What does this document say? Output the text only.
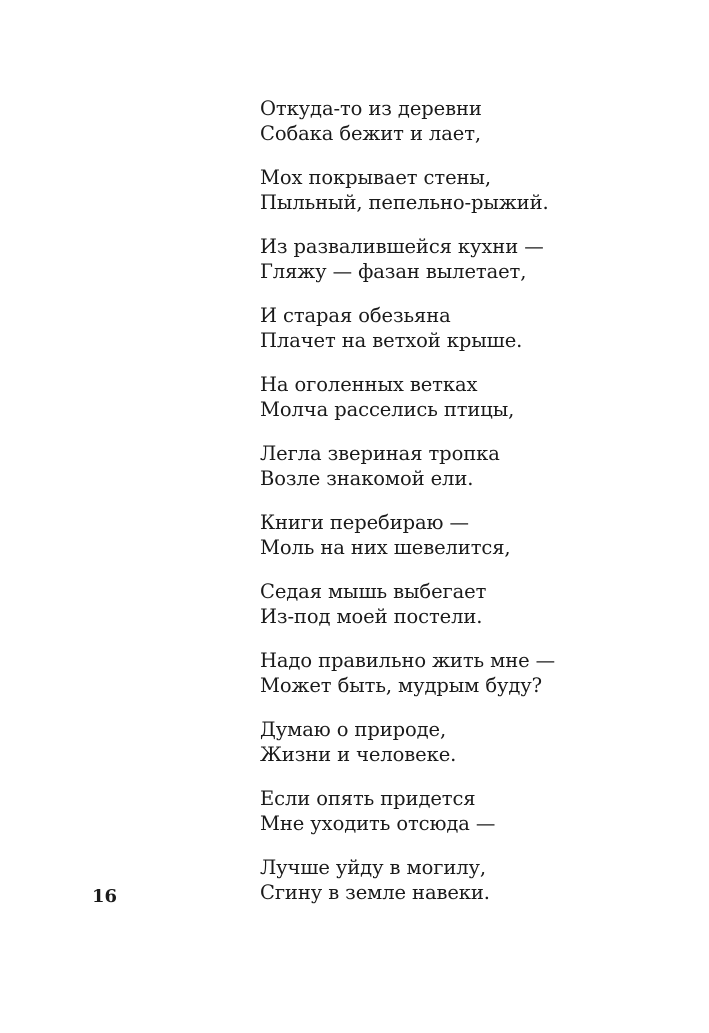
Откуда-то из деревни
Собака бежит и лает,
Мох покрывает стены,
Пыльный, пепельно-рыжий.
Из развалившейся кухни —
Гляжу — фазан вылетает,
И старая обезьяна
Плачет на ветхой крыше.
На оголенных ветках
Молча расселись птицы,
Легла звериная тропка
Возле знакомой ели.
Книги перебираю —
Моль на них шевелится,
Седая мышь выбегает
Из-под моей постели.
Надо правильно жить мне —
Может быть, мудрым буду?
Думаю о природе,
Жизни и человеке.
Если опять придется
Мне уходить отсюда —
Лучше уйду в могилу,
Сгину в земле навеки.
16
